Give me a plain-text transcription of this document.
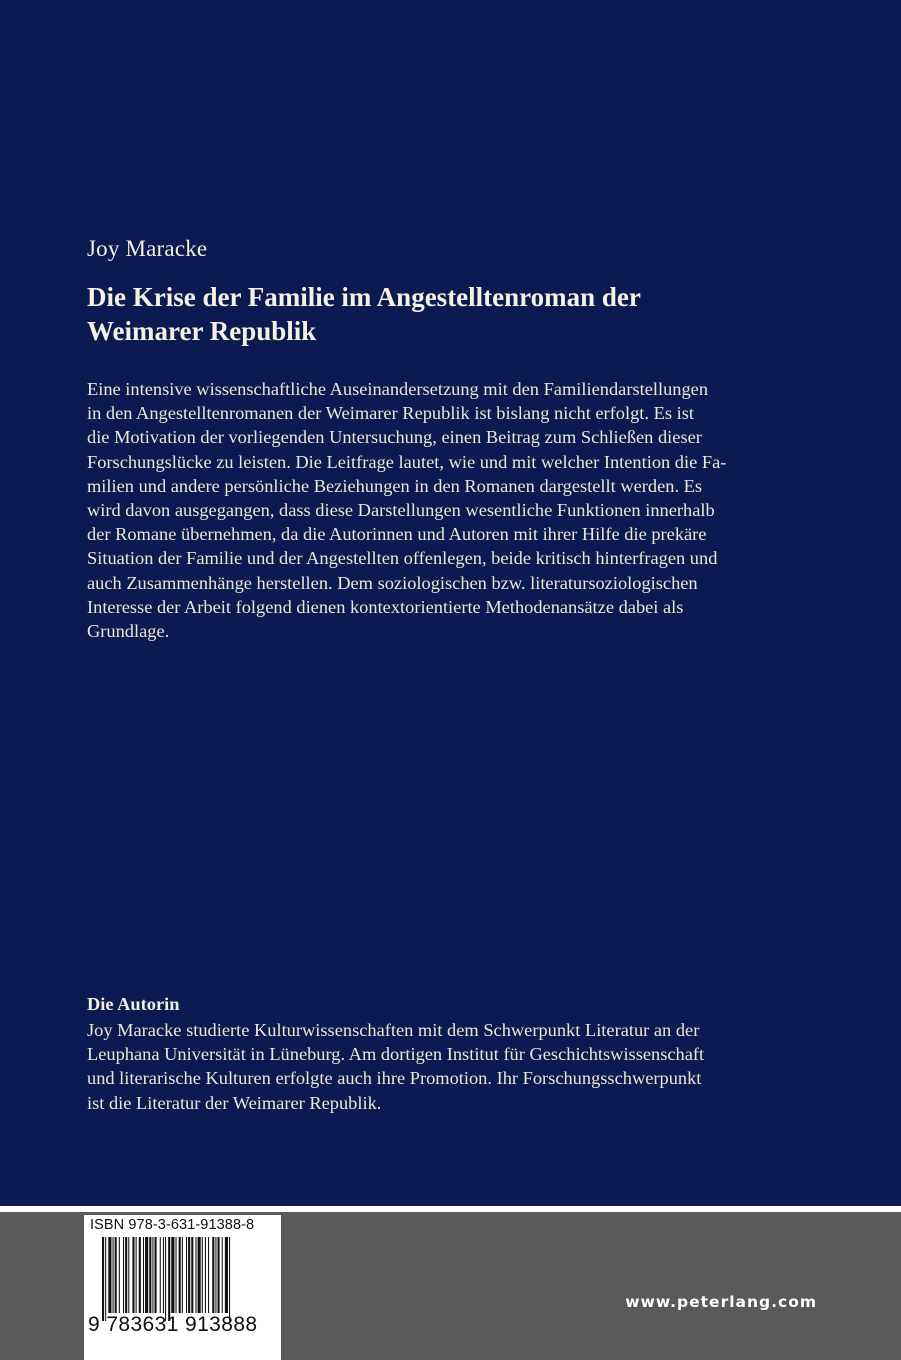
Joy Maracke
Die Krise der Familie im Angestelltenroman der
Weimarer Republik
Eine intensive wissenschaftliche Auseinandersetzung mit den Familiendarstellungen
in den Angestelltenromanen der Weimarer Republik ist bislang nicht erfolgt. Es ist
die Motivation der vorliegenden Untersuchung, einen Beitrag zum Schließen dieser
Forschungslücke zu leisten. Die Leitfrage lautet, wie und mit welcher Intention die Fa-
milien und andere persönliche Beziehungen in den Romanen dargestellt werden. Es
wird davon ausgegangen, dass diese Darstellungen wesentliche Funktionen innerhalb
der Romane übernehmen, da die Autorinnen und Autoren mit ihrer Hilfe die prekäre
Situation der Familie und der Angestellten offenlegen, beide kritisch hinterfragen und
auch Zusammenhänge herstellen. Dem soziologischen bzw. literatursoziologischen
Interesse der Arbeit folgend dienen kontextorientierte Methodenansätze dabei als
Grundlage.
Die Autorin
Joy Maracke studierte Kulturwissenschaften mit dem Schwerpunkt Literatur an der
Leuphana Universität in Lüneburg. Am dortigen Institut für Geschichtswissenschaft
und literarische Kulturen erfolgte auch ihre Promotion. Ihr Forschungsschwerpunkt
ist die Literatur der Weimarer Republik.
ISBN 978-3-631-91388-8
9 783631 913888
www.peterlang.com
